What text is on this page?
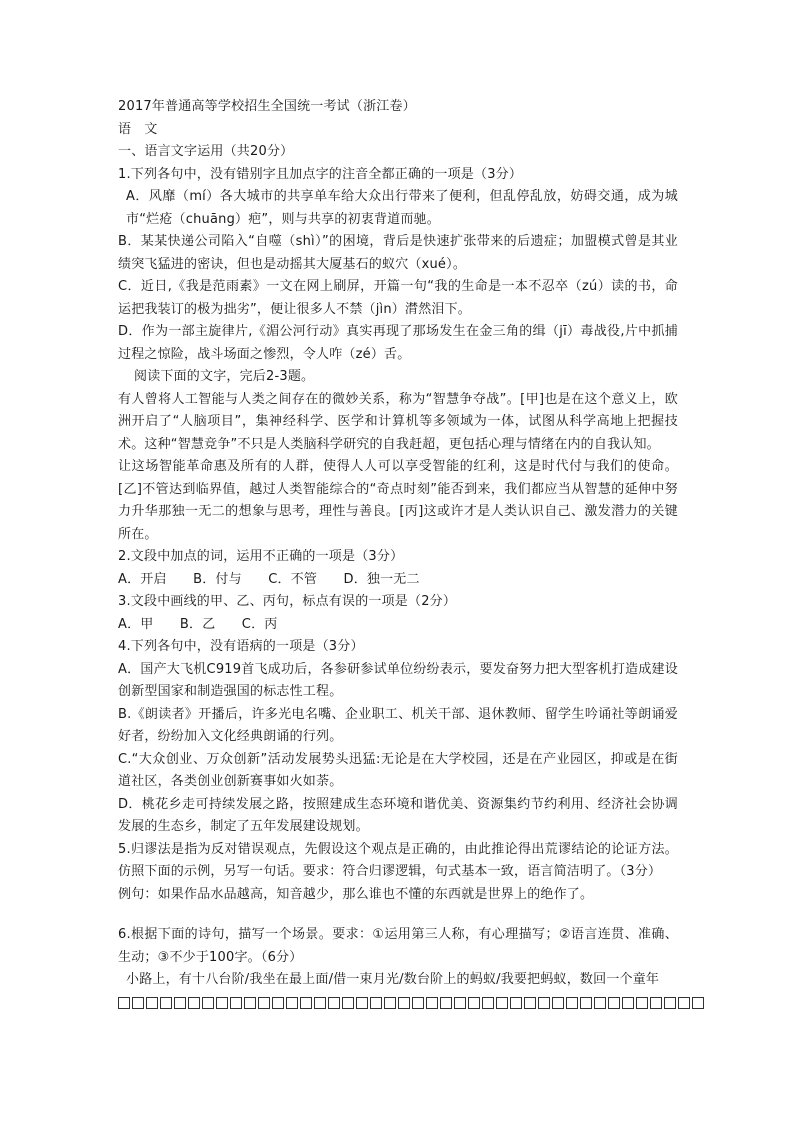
2017年普通高等学校招生全国统一考试（浙江卷）
语　文
一、语言文字运用（共20分）
1.下列各句中，没有错别字且加点字的注音全都正确的一项是（3分）
A．风靡（mí）各大城市的共享单车给大众出行带来了便利，但乱停乱放，妨碍交通，成为城市“烂疮（chuāng）疤”，则与共享的初衷背道而驰。
B．某某快递公司陷入“自噬（shì）”的困境，背后是快速扩张带来的后遗症；加盟模式曾是其业绩突飞猛进的密诀，但也是动摇其大厦基石的蚁穴（xué）。
C．近日,《我是范雨素》一文在网上刷屏，开篇一句“我的生命是一本不忍卒（zú）读的书，命运把我装订的极为拙劣”，便让很多人不禁（jìn）潸然泪下。
D．作为一部主旋律片,《湄公河行动》真实再现了那场发生在金三角的缉（jī）毒战役,片中抓捕过程之惊险，战斗场面之惨烈，令人咋（zé）舌。
阅读下面的文字，完后2-3题。
有人曾将人工智能与人类之间存在的微妙关系，称为“智慧争夺战”。[甲]也是在这个意义上，欧洲开启了“人脑项目”，集神经科学、医学和计算机等多领域为一体，试图从科学高地上把握技术。这种“智慧竞争”不只是人类脑科学研究的自我赶超，更包括心理与情绪在内的自我认知。
让这场智能革命惠及所有的人群，使得人人可以享受智能的红利，这是时代付与我们的使命。[乙]不管达到临界值，越过人类智能综合的“奇点时刻”能否到来，我们都应当从智慧的延伸中努力升华那独一无二的想象与思考，理性与善良。[丙]这或许才是人类认识自己、激发潜力的关键所在。
2.文段中加点的词，运用不正确的一项是（3分）
A．开启　　B．付与　　C．不管　　D．独一无二
3.文段中画线的甲、乙、丙句，标点有误的一项是（2分）
A．甲　　B．乙　　C．丙
4.下列各句中，没有语病的一项是（3分）
A．国产大飞机C919首飞成功后，各参研参试单位纷纷表示，要发奋努力把大型客机打造成建设创新型国家和制造强国的标志性工程。
B.《朗读者》开播后，许多光电名嘴、企业职工、机关干部、退休教师、留学生吟诵社等朗诵爱好者，纷纷加入文化经典朗诵的行列。
C.“大众创业、万众创新”活动发展势头迅猛:无论是在大学校园，还是在产业园区，抑或是在街道社区，各类创业创新赛事如火如荼。
D．桃花乡走可持续发展之路，按照建成生态环境和谐优美、资源集约节约利用、经济社会协调发展的生态乡，制定了五年发展建设规划。
5.归谬法是指为反对错误观点，先假设这个观点是正确的，由此推论得出荒谬结论的论证方法。仿照下面的示例，另写一句话。要求：符合归谬逻辑，句式基本一致，语言简洁明了。（3分）
例句：如果作品水品越高，知音越少，那么谁也不懂的东西就是世界上的绝作了。
6.根据下面的诗句，描写一个场景。要求：①运用第三人称，有心理描写；②语言连贯、准确、生动；③不少于100字。（6分）
小路上，有十八台阶/我坐在最上面/借一束月光/数台阶上的蚂蚁/我要把蚂蚁，数回一个童年
